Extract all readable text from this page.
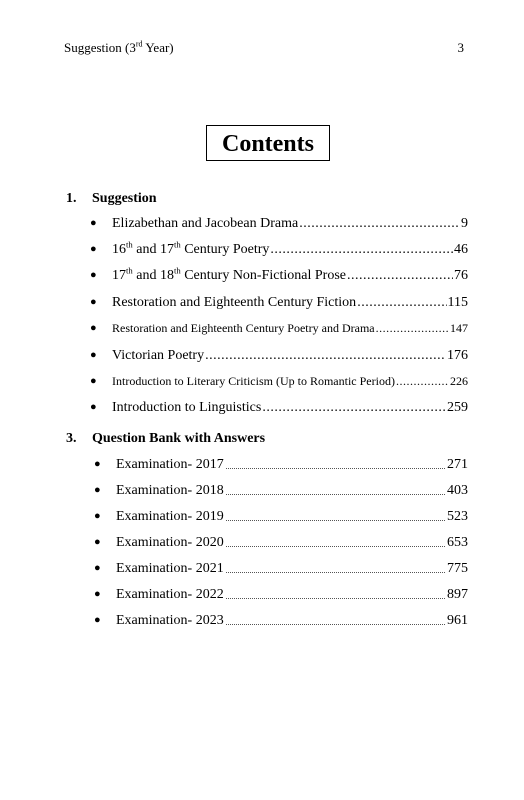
Suggestion (3rd Year)	3
Contents
1.	Suggestion
● Elizabethan and Jacobean Drama .....	9
● 16th and 17th Century Poetry .....	46
● 17th and 18th Century Non-Fictional Prose .....	76
● Restoration and Eighteenth Century Fiction .....	115
● Restoration and Eighteenth Century Poetry and Drama .....	147
● Victorian Poetry .....	176
● Introduction to Literary Criticism (Up to Romantic Period) .....	226
● Introduction to Linguistics .....	259
3.	Question Bank with Answers
● Examination- 2017	271
● Examination- 2018	403
● Examination- 2019	523
● Examination- 2020	653
● Examination- 2021	775
● Examination- 2022	897
● Examination- 2023	961
